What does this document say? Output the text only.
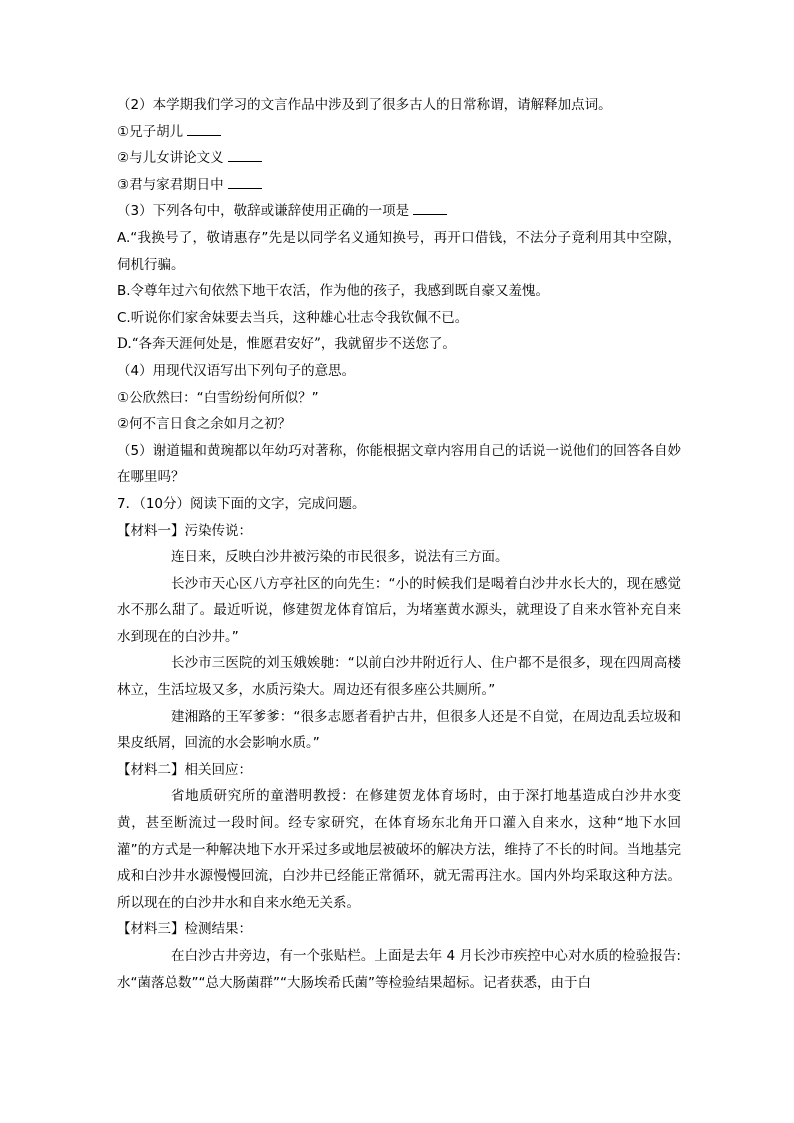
（2）本学期我们学习的文言作品中涉及到了很多古人的日常称谓，请解释加点词。

①兄子胡儿

②与儿女讲论文义

③君与家君期日中

（3）下列各句中，敬辞或谦辞使用正确的一项是

A.“我换号了，敬请惠存”先是以同学名义通知换号，再开口借钱，不法分子竟利用其中空隙，伺机行骗。

B.令尊年过六旬依然下地干农活，作为他的孩子，我感到既自豪又羞愧。

C.听说你们家舍妹要去当兵，这种雄心壮志令我钦佩不已。

D.“各奔天涯何处是，惟愿君安好”，我就留步不送您了。

（4）用现代汉语写出下列句子的意思。

①公欣然曰：“白雪纷纷何所似？”

②何不言日食之余如月之初？

（5）谢道韫和黄琬都以年幼巧对著称，你能根据文章内容用自己的话说一说他们的回答各自妙在哪里吗？

7．（10分）阅读下面的文字，完成问题。

【材料一】污染传说：

连日来，反映白沙井被污染的市民很多，说法有三方面。

长沙市天心区八方亭社区的向先生：“小的时候我们是喝着白沙井水长大的，现在感觉水不那么甜了。最近听说，修建贺龙体育馆后，为堵塞黄水源头，就理设了自来水管补充自来水到现在的白沙井。”

长沙市三医院的刘玉娥娭毑：“以前白沙井附近行人、住户都不是很多，现在四周高楼林立，生活垃圾又多，水质污染大。周边还有很多座公共厕所。”

建湘路的王军爹爹：“很多志愿者看护古井，但很多人还是不自觉，在周边乱丢垃圾和果皮纸屑，回流的水会影响水质。”

【材料二】相关回应：

省地质研究所的童潜明教授：在修建贺龙体育场时，由于深打地基造成白沙井水变黄，甚至断流过一段时间。经专家研究，在体育场东北角开口灌入自来水，这种“地下水回灌”的方式是一种解决地下水开采过多或地层被破坏的解决方法，维持了不长的时间。当地基完成和白沙井水源慢慢回流，白沙井已经能正常循环，就无需再注水。国内外均采取这种方法。所以现在的白沙井水和自来水绝无关系。

【材料三】检测结果：

在白沙古井旁边，有一个张贴栏。上面是去年 4 月长沙市疾控中心对水质的检验报告: 水“菌落总数”“总大肠菌群”“大肠埃希氏菌”等检验结果超标。记者获悉，由于白
